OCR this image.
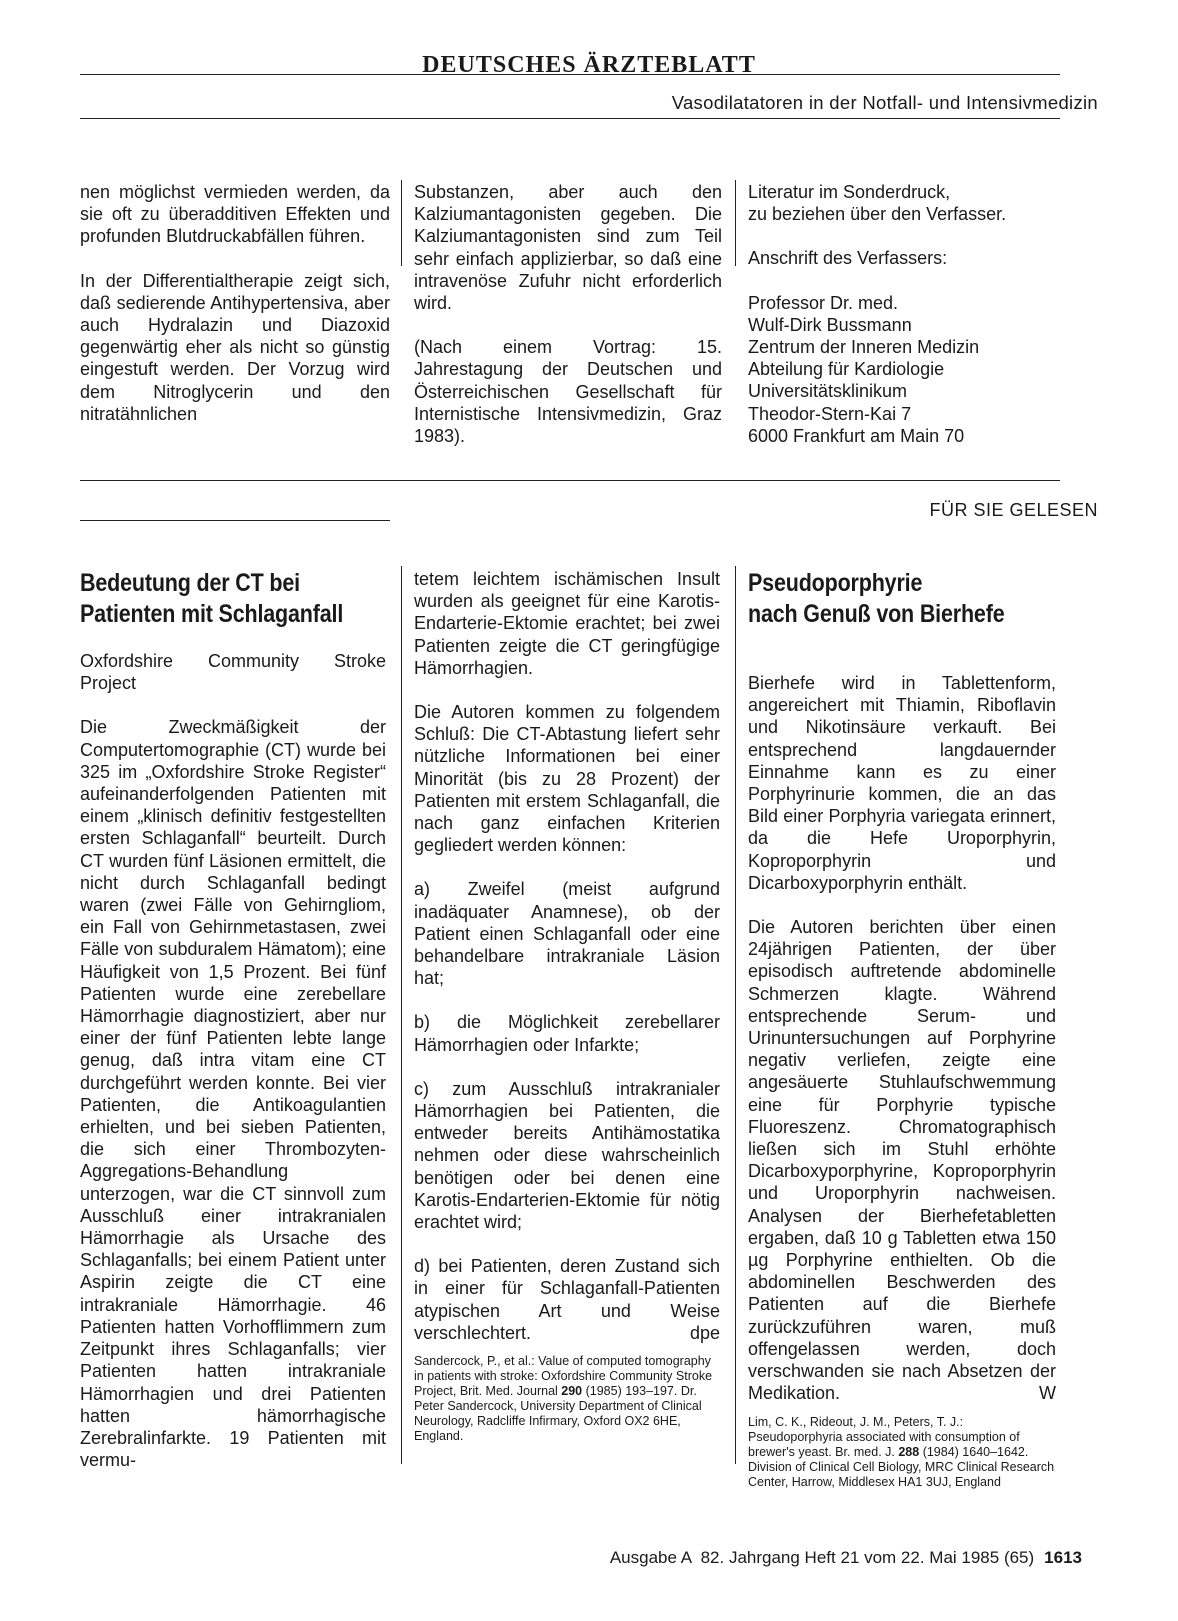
DEUTSCHES ÄRZTEBLATT
Vasodilatatoren in der Notfall- und Intensivmedizin

nen möglichst vermieden werden, da sie oft zu überadditiven Effekten und profunden Blutdruckabfällen führen.

In der Differentialtherapie zeigt sich, daß sedierende Antihypertensiva, aber auch Hydralazin und Diazoxid gegenwärtig eher als nicht so günstig eingestuft werden. Der Vorzug wird dem Nitroglycerin und den nitratähnlichen

Substanzen, aber auch den Kalziumantagonisten gegeben. Die Kalziumantagonisten sind zum Teil sehr einfach applizierbar, so daß eine intravenöse Zufuhr nicht erforderlich wird.

(Nach einem Vortrag: 15. Jahrestagung der Deutschen und Österreichischen Gesellschaft für Internistische Intensivmedizin, Graz 1983).

Literatur im Sonderdruck,
zu beziehen über den Verfasser.

Anschrift des Verfassers:

Professor Dr. med.
Wulf-Dirk Bussmann
Zentrum der Inneren Medizin
Abteilung für Kardiologie
Universitätsklinikum
Theodor-Stern-Kai 7
6000 Frankfurt am Main 70

FÜR SIE GELESEN
Bedeutung der CT bei
Patienten mit Schlaganfall

Oxfordshire Community Stroke Project

Die Zweckmäßigkeit der Computertomographie (CT) wurde bei 325 im „Oxfordshire Stroke Register“ aufeinanderfolgenden Patienten mit einem „klinisch definitiv festgestellten ersten Schlaganfall“ beurteilt. Durch CT wurden fünf Läsionen ermittelt, die nicht durch Schlaganfall bedingt waren (zwei Fälle von Gehirngliom, ein Fall von Gehirnmetastasen, zwei Fälle von subduralem Hämatom); eine Häufigkeit von 1,5 Prozent. Bei fünf Patienten wurde eine zerebellare Hämorrhagie diagnostiziert, aber nur einer der fünf Patienten lebte lange genug, daß intra vitam eine CT durchgeführt werden konnte. Bei vier Patienten, die Antikoagulantien erhielten, und bei sieben Patienten, die sich einer Thrombozyten-Aggregations-Behandlung unterzogen, war die CT sinnvoll zum Ausschluß einer intrakranialen Hämorrhagie als Ursache des Schlaganfalls; bei einem Patient unter Aspirin zeigte die CT eine intrakraniale Hämorrhagie. 46 Patienten hatten Vorhofflimmern zum Zeitpunkt ihres Schlaganfalls; vier Patienten hatten intrakraniale Hämorrhagien und drei Patienten hatten hämorrhagische Zerebralinfarkte. 19 Patienten mit vermu-

tetem leichtem ischämischen Insult wurden als geeignet für eine Karotis-Endarterie-Ektomie erachtet; bei zwei Patienten zeigte die CT geringfügige Hämorrhagien.

Die Autoren kommen zu folgendem Schluß: Die CT-Abtastung liefert sehr nützliche Informationen bei einer Minorität (bis zu 28 Prozent) der Patienten mit erstem Schlaganfall, die nach ganz einfachen Kriterien gegliedert werden können:

a) Zweifel (meist aufgrund inadäquater Anamnese), ob der Patient einen Schlaganfall oder eine behandelbare intrakraniale Läsion hat;

b) die Möglichkeit zerebellarer Hämorrhagien oder Infarkte;

c) zum Ausschluß intrakranialer Hämorrhagien bei Patienten, die entweder bereits Antihämostatika nehmen oder diese wahrscheinlich benötigen oder bei denen eine Karotis-Endarterien-Ektomie für nötig erachtet wird;

d) bei Patienten, deren Zustand sich in einer für Schlaganfall-Patienten atypischen Art und Weise verschlechtert.	dpe

Sandercock, P., et al.: Value of computed tomography in patients with stroke: Oxfordshire Community Stroke Project, Brit. Med. Journal 290 (1985) 193–197. Dr. Peter Sandercock, University Department of Clinical Neurology, Radcliffe Infirmary, Oxford OX2 6HE, England.
Pseudoporphyrie
nach Genuß von Bierhefe

Bierhefe wird in Tablettenform, angereichert mit Thiamin, Riboflavin und Nikotinsäure verkauft. Bei entsprechend langdauernder Einnahme kann es zu einer Porphyrinurie kommen, die an das Bild einer Porphyria variegata erinnert, da die Hefe Uroporphyrin, Koproporphyrin und Dicarboxyporphyrin enthält.

Die Autoren berichten über einen 24jährigen Patienten, der über episodisch auftretende abdominelle Schmerzen klagte. Während entsprechende Serum- und Urinuntersuchungen auf Porphyrine negativ verliefen, zeigte eine angesäuerte Stuhlaufschwemmung eine für Porphyrie typische Fluoreszenz. Chromatographisch ließen sich im Stuhl erhöhte Dicarboxyporphyrine, Koproporphyrin und Uroporphyrin nachweisen. Analysen der Bierhefetabletten ergaben, daß 10 g Tabletten etwa 150 µg Porphyrine enthielten. Ob die abdominellen Beschwerden des Patienten auf die Bierhefe zurückzuführen waren, muß offengelassen werden, doch verschwanden sie nach Absetzen der Medikation.	W

Lim, C. K., Rideout, J. M., Peters, T. J.: Pseudoporphyria associated with consumption of brewer's yeast. Br. med. J. 288 (1984) 1640–1642. Division of Clinical Cell Biology, MRC Clinical Research Center, Harrow, Middlesex HA1 3UJ, England
Ausgabe A  82. Jahrgang Heft 21 vom 22. Mai 1985 (65) 1613
